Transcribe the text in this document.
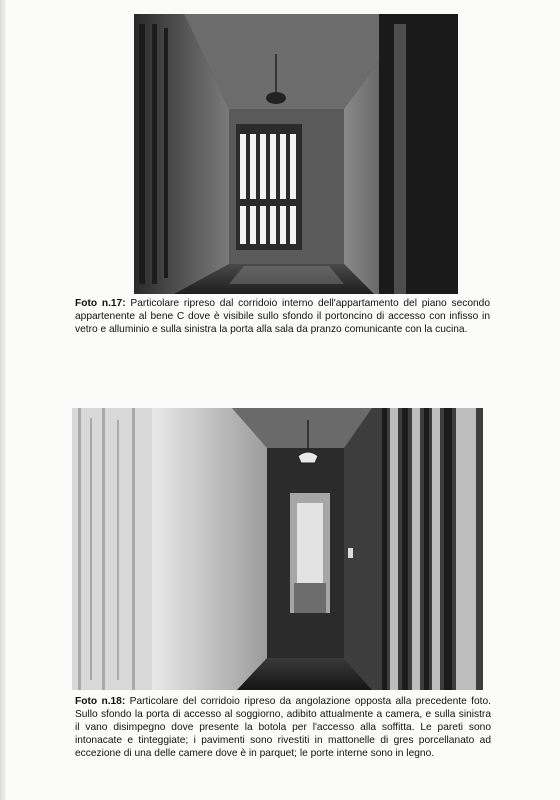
Foto n.17: Particolare ripreso dal corridoio interno dell'appartamento del piano secondo appartenente al bene C dove è visibile sullo sfondo il portoncino di accesso con infisso in vetro e alluminio e sulla sinistra la porta alla sala da pranzo comunicante con la cucina.

Foto n.18: Particolare del corridoio ripreso da angolazione opposta alla precedente foto. Sullo sfondo la porta di accesso al soggiorno, adibito attualmente a camera, e sulla sinistra il vano disimpegno dove presente la botola per l'accesso alla soffitta. Le pareti sono intonacate e tinteggiate; i pavimenti sono rivestiti in mattonelle di gres porcellanato ad eccezione di una delle camere dove è in parquet; le porte interne sono in legno.
